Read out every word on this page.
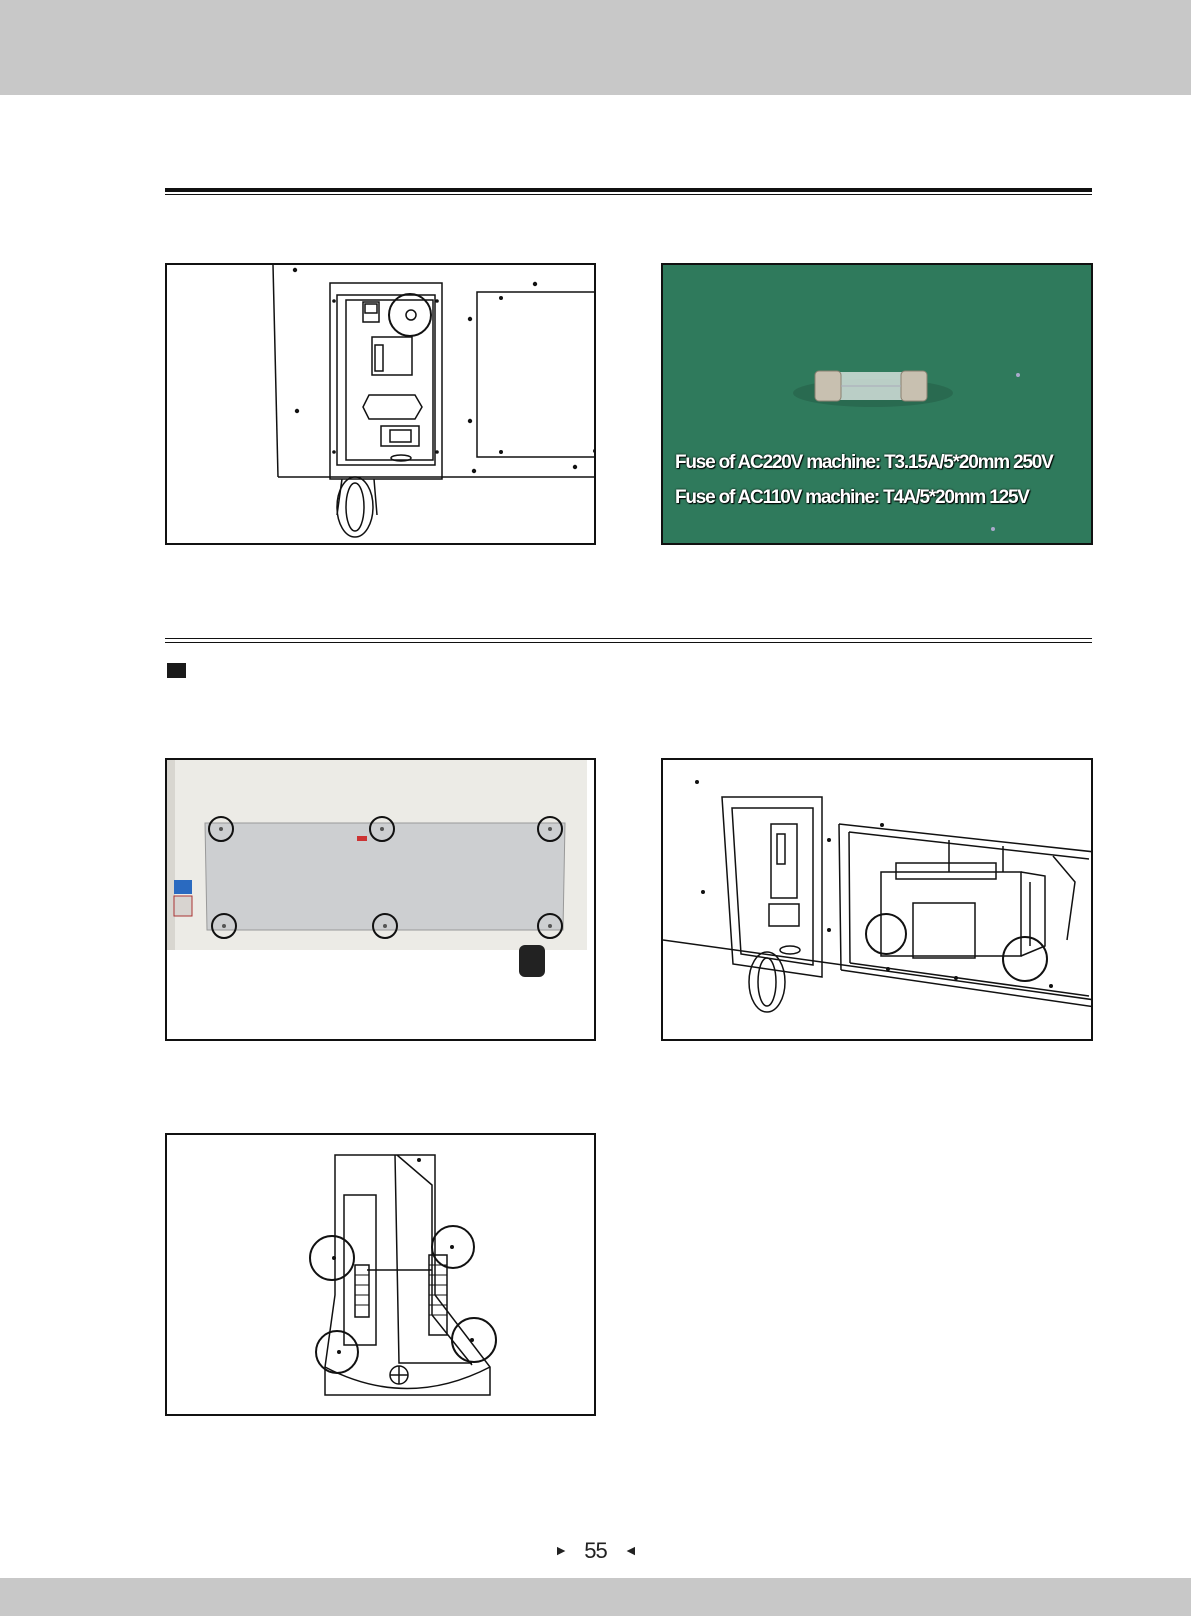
Fuse of AC220V machine: T3.15A/5*20mm 250V
Fuse of AC110V machine: T4A/5*20mm 125V
► 55 ◄
